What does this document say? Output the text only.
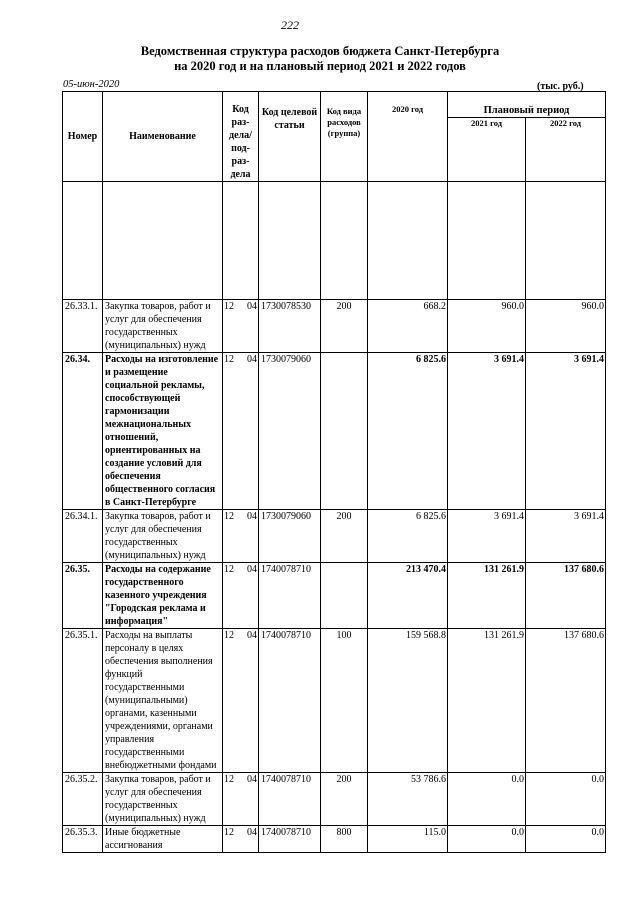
222
Ведомственная структура расходов бюджета Санкт-Петербурга
на 2020 год и на плановый период 2021 и 2022 годов
05-июн-2020	(тыс. руб.)
Номер	Наименование	Код раз-дела/ под-раз-дела	Код целевой статьи	Код вида расходов (группа)	2020 год	Плановый период	
						2021 год	2022 год

26.33.1.	Закупка товаров, работ и услуг для обеспечения государственных (муниципальных) нужд	12 04	1730078530	200	668.2	960.0	960.0
26.34.	Расходы на изготовление и размещение социальной рекламы, способствующей гармонизации межнациональных отношений, ориентированных на создание условий для обеспечения общественного согласия в Санкт-Петербурге	12 04	1730079060		6 825.6	3 691.4	3 691.4
26.34.1.	Закупка товаров, работ и услуг для обеспечения государственных (муниципальных) нужд	12 04	1730079060	200	6 825.6	3 691.4	3 691.4
26.35.	Расходы на содержание государственного казенного учреждения "Городская реклама и информация"	12 04	1740078710		213 470.4	131 261.9	137 680.6
26.35.1.	Расходы на выплаты персоналу в целях обеспечения выполнения функций государственными (муниципальными) органами, казенными учреждениями, органами управления государственными внебюджетными фондами	12 04	1740078710	100	159 568.8	131 261.9	137 680.6
26.35.2.	Закупка товаров, работ и услуг для обеспечения государственных (муниципальных) нужд	12 04	1740078710	200	53 786.6	0.0	0.0
26.35.3.	Иные бюджетные ассигнования	12 04	1740078710	800	115.0	0.0	0.0
